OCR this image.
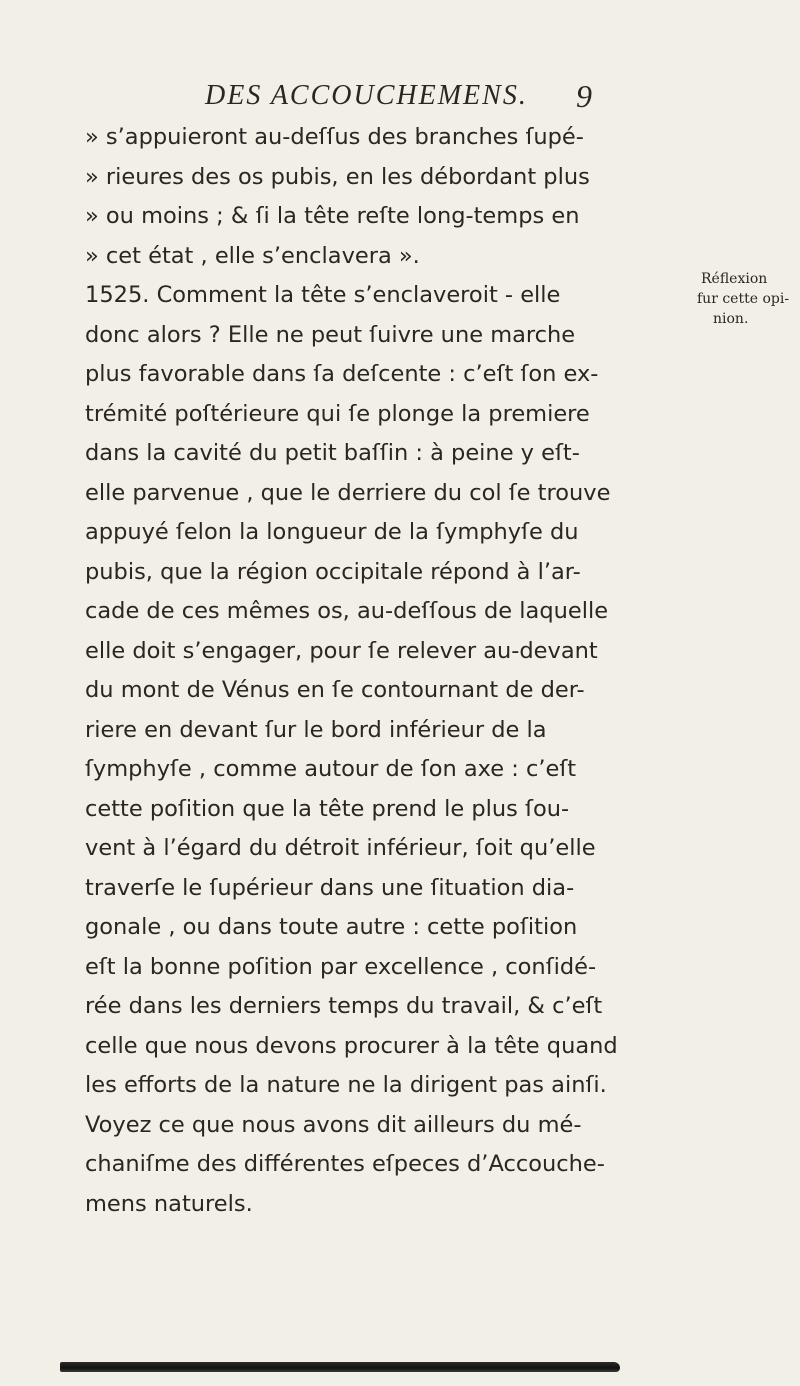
DES ACCOUCHEMENS. 9
Réflexion
fur cette opi-
nion.
» s’appuieront au-deſſus des branches ſupé-
» rieures des os pubis, en les débordant plus
» ou moins ; & ſi la tête reſte long-temps en
» cet état , elle s’enclavera ».
1525. Comment la tête s’enclaveroit - elle
donc alors ? Elle ne peut ſuivre une marche
plus favorable dans ſa deſcente : c’eſt ſon ex-
trémité poſtérieure qui ſe plonge la premiere
dans la cavité du petit baſſin : à peine y eſt-
elle parvenue , que le derriere du col ſe trouve
appuyé ſelon la longueur de la ſymphyſe du
pubis, que la région occipitale répond à l’ar-
cade de ces mêmes os, au-deſſous de laquelle
elle doit s’engager, pour ſe relever au-devant
du mont de Vénus en ſe contournant de der-
riere en devant ſur le bord inférieur de la
ſymphyſe , comme autour de ſon axe : c’eſt
cette poſition que la tête prend le plus ſou-
vent à l’égard du détroit inférieur, ſoit qu’elle
traverſe le ſupérieur dans une ſituation dia-
gonale , ou dans toute autre : cette poſition
eſt la bonne poſition par excellence , conſidé-
rée dans les derniers temps du travail, & c’eſt
celle que nous devons procurer à la tête quand
les efforts de la nature ne la dirigent pas ainſi.
Voyez ce que nous avons dit ailleurs du mé-
chaniſme des différentes eſpeces d’Accouche-
mens naturels.
